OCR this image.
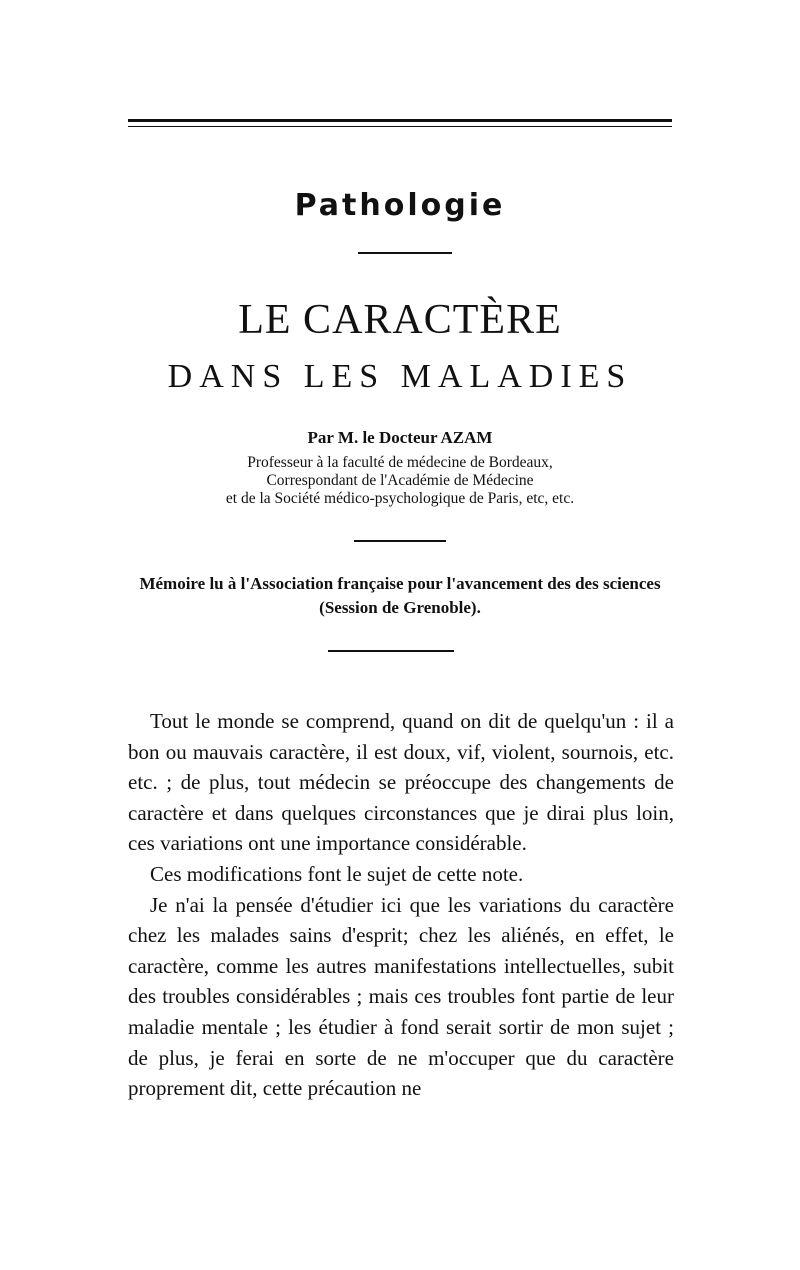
Pathologie
LE CARACTÈRE
DANS LES MALADIES
Par M. le Docteur AZAM
Professeur à la faculté de médecine de Bordeaux,
Correspondant de l'Académie de Médecine
et de la Société médico-psychologique de Paris, etc, etc.
Mémoire lu à l'Association française pour l'avancement des des sciences (Session de Grenoble).

Tout le monde se comprend, quand on dit de quelqu'un : il a bon ou mauvais caractère, il est doux, vif, violent, sournois, etc. etc. ; de plus, tout médecin se préoccupe des changements de caractère et dans quelques circonstances que je dirai plus loin, ces variations ont une importance considérable.

Ces modifications font le sujet de cette note.

Je n'ai la pensée d'étudier ici que les variations du caractère chez les malades sains d'esprit; chez les aliénés, en effet, le caractère, comme les autres manifestations intellectuelles, subit des troubles considérables ; mais ces troubles font partie de leur maladie mentale ; les étudier à fond serait sortir de mon sujet ; de plus, je ferai en sorte de ne m'occuper que du caractère proprement dit, cette précaution ne
